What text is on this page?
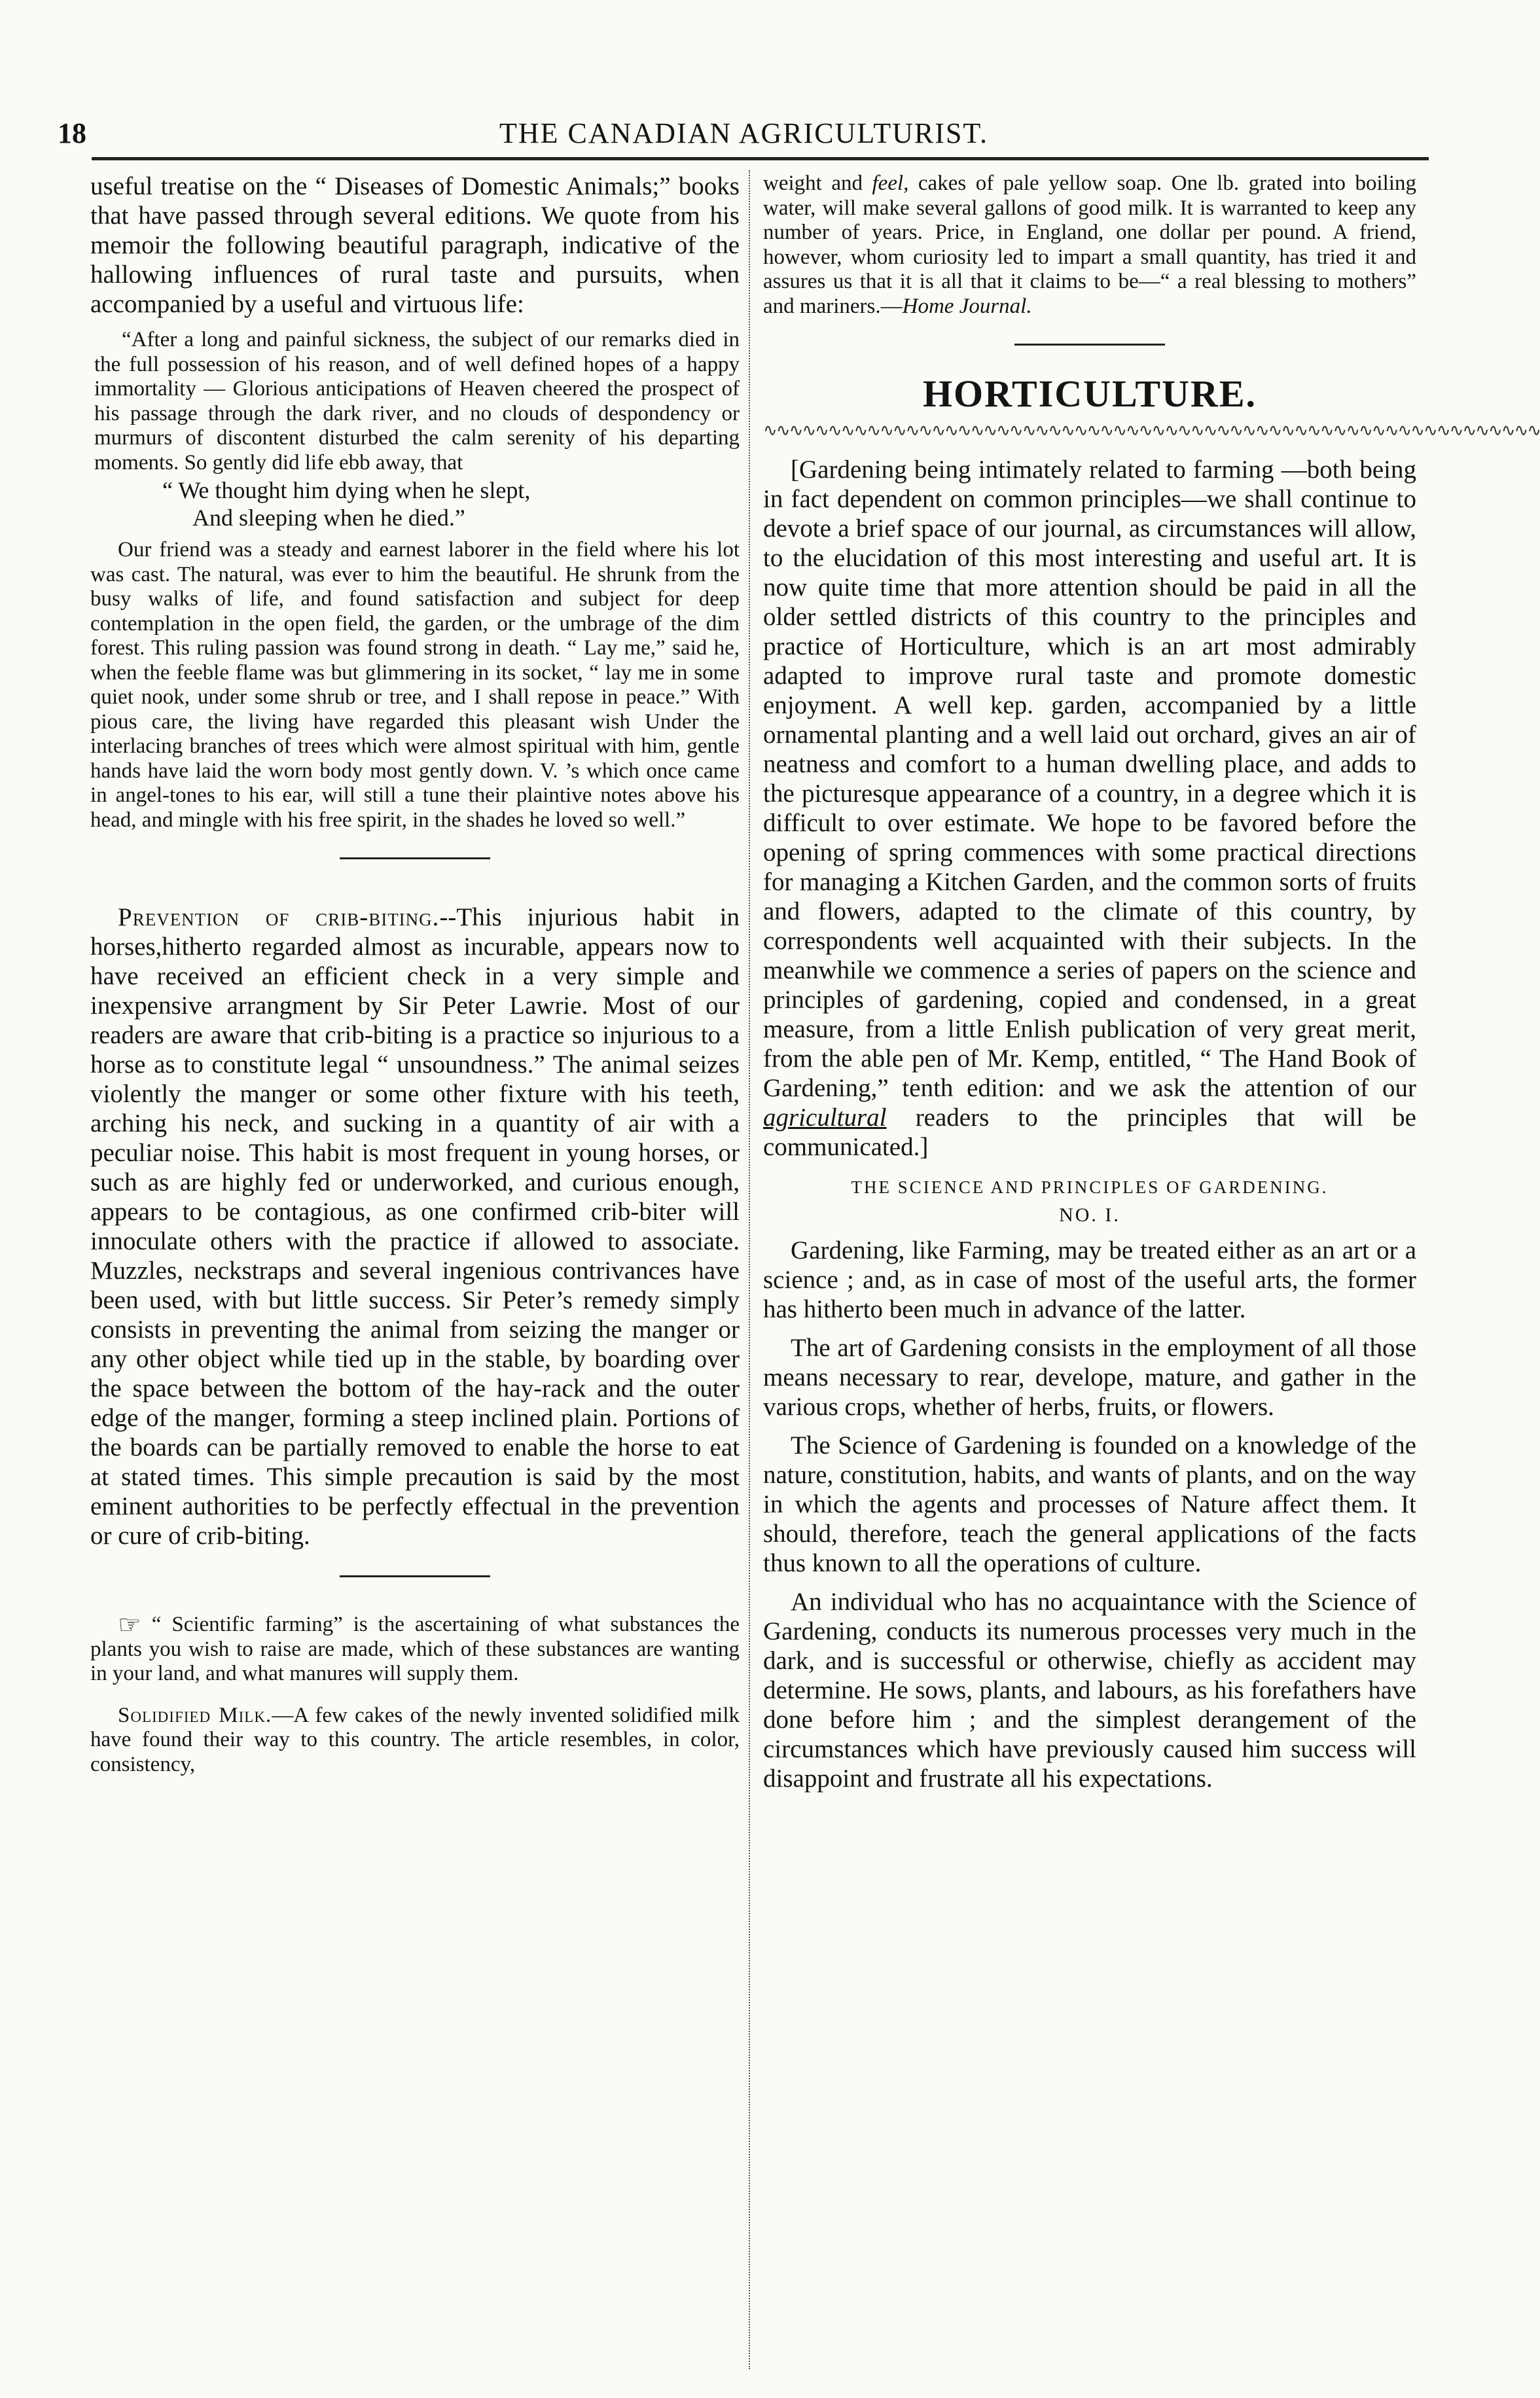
18	THE CANADIAN AGRICULTURIST.

useful treatise on the “ Diseases of Domestic Animals;” books that have passed through several editions. We quote from his memoir the following beautiful paragraph, indicative of the hallowing influences of rural taste and pursuits, when accompanied by a useful and virtuous life:

“After a long and painful sickness, the subject of our remarks died in the full possession of his reason, and of well defined hopes of a happy immortality — Glorious anticipations of Heaven cheered the prospect of his passage through the dark river, and no clouds of despondency or murmurs of discontent disturbed the calm serenity of his departing moments. So gently did life ebb away, that

“ We thought him dying when he slept,
And sleeping when he died.”

Our friend was a steady and earnest laborer in the field where his lot was cast. The natural, was ever to him the beautiful. He shrunk from the busy walks of life, and found satisfaction and subject for deep contemplation in the open field, the garden, or the umbrage of the dim forest. This ruling passion was found strong in death. “ Lay me,” said he, when the feeble flame was but glimmering in its socket, “ lay me in some quiet nook, under some shrub or tree, and I shall repose in peace.” With pious care, the living have regarded this pleasant wish Under the interlacing branches of trees which were almost spiritual with him, gentle hands have laid the worn body most gently down. V. ’s which once came in angel-tones to his ear, will still a tune their plaintive notes above his head, and mingle with his free spirit, in the shades he loved so well.”

Prevention of crib-biting.--This injurious habit in horses,hitherto regarded almost as incurable, appears now to have received an efficient check in a very simple and inexpensive arrangment by Sir Peter Lawrie. Most of our readers are aware that crib-biting is a practice so injurious to a horse as to constitute legal “ unsoundness.” The animal seizes violently the manger or some other fixture with his teeth, arching his neck, and sucking in a quantity of air with a peculiar noise. This habit is most frequent in young horses, or such as are highly fed or underworked, and curious enough, appears to be contagious, as one confirmed crib-biter will innoculate others with the practice if allowed to associate. Muzzles, neckstraps and several ingenious contrivances have been used, with but little success. Sir Peter’s remedy simply consists in preventing the animal from seizing the manger or any other object while tied up in the stable, by boarding over the space between the bottom of the hay-rack and the outer edge of the manger, forming a steep inclined plain. Portions of the boards can be partially removed to enable the horse to eat at stated times. This simple precaution is said by the most eminent authorities to be perfectly effectual in the prevention or cure of crib-biting.

☞ “ Scientific farming” is the ascertaining of what substances the plants you wish to raise are made, which of these substances are wanting in your land, and what manures will supply them.

Solidified Milk.—A few cakes of the newly invented solidified milk have found their way to this country. The article resembles, in color, consistency,

weight and feel, cakes of pale yellow soap. One lb. grated into boiling water, will make several gallons of good milk. It is warranted to keep any number of years. Price, in England, one dollar per pound. A friend, however, whom curiosity led to impart a small quantity, has tried it and assures us that it is all that it claims to be—“ a real blessing to mothers” and mariners.—Home Journal.

HORTICULTURE.
∿∿∿∿∿∿∿∿∿∿∿∿∿∿∿∿∿∿∿∿∿∿∿∿∿∿∿∿∿∿∿∿∿∿∿∿∿∿∿∿∿∿∿∿∿∿∿∿∿∿∿∿∿∿∿∿∿∿∿∿

[Gardening being intimately related to farming —both being in fact dependent on common principles—we shall continue to devote a brief space of our journal, as circumstances will allow, to the elucidation of this most interesting and useful art. It is now quite time that more attention should be paid in all the older settled districts of this country to the principles and practice of Horticulture, which is an art most admirably adapted to improve rural taste and promote domestic enjoyment. A well kep. garden, accompanied by a little ornamental planting and a well laid out orchard, gives an air of neatness and comfort to a human dwelling place, and adds to the picturesque appearance of a country, in a degree which it is difficult to over estimate. We hope to be favored before the opening of spring commences with some practical directions for managing a Kitchen Garden, and the common sorts of fruits and flowers, adapted to the climate of this country, by correspondents well acquainted with their subjects. In the meanwhile we commence a series of papers on the science and principles of gardening, copied and condensed, in a great measure, from a little Enlish publication of very great merit, from the able pen of Mr. Kemp, entitled, “ The Hand Book of Gardening,” tenth edition: and we ask the attention of our agricultural readers to the principles that will be communicated.]

THE SCIENCE AND PRINCIPLES OF GARDENING.
NO. I.

Gardening, like Farming, may be treated either as an art or a science ; and, as in case of most of the useful arts, the former has hitherto been much in advance of the latter.

The art of Gardening consists in the employment of all those means necessary to rear, develope, mature, and gather in the various crops, whether of herbs, fruits, or flowers.

The Science of Gardening is founded on a knowledge of the nature, constitution, habits, and wants of plants, and on the way in which the agents and processes of Nature affect them. It should, therefore, teach the general applications of the facts thus known to all the operations of culture.

An individual who has no acquaintance with the Science of Gardening, conducts its numerous processes very much in the dark, and is successful or otherwise, chiefly as accident may determine. He sows, plants, and labours, as his forefathers have done before him ; and the simplest derangement of the circumstances which have previously caused him success will disappoint and frustrate all his expectations.
